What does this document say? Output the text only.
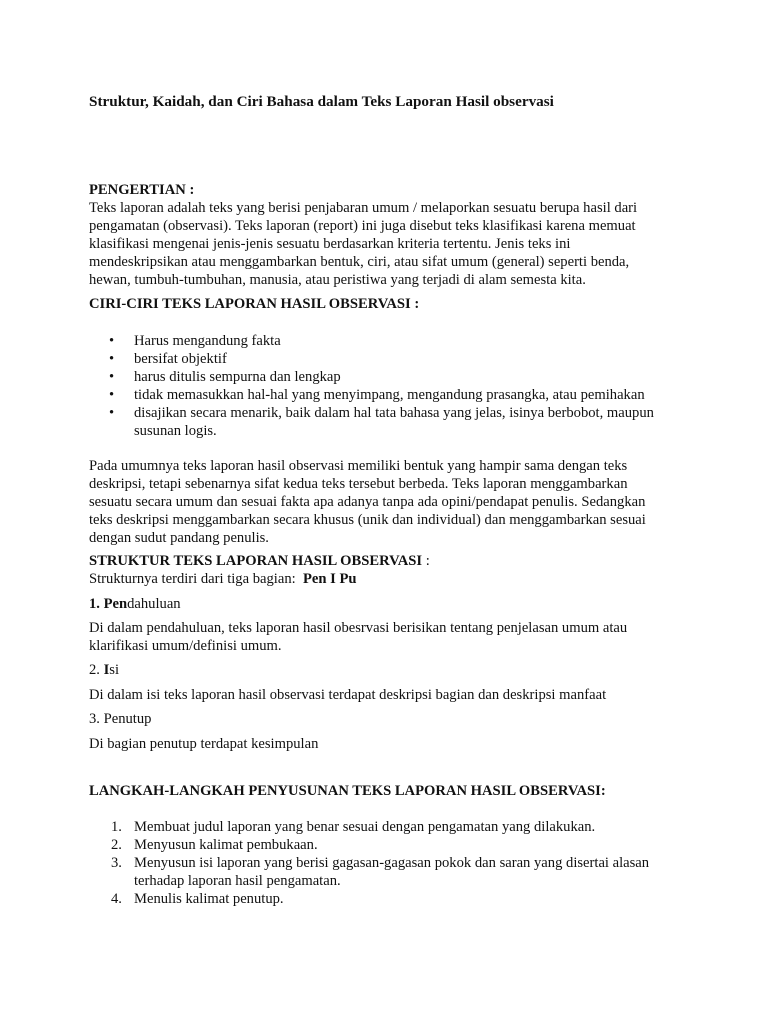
Struktur, Kaidah, dan Ciri Bahasa dalam Teks Laporan Hasil observasi

PENGERTIAN :

Teks laporan adalah teks yang berisi penjabaran umum / melaporkan sesuatu berupa hasil dari
pengamatan (observasi). Teks laporan (report) ini juga disebut teks klasifikasi karena memuat
klasifikasi mengenai jenis-jenis sesuatu berdasarkan kriteria tertentu. Jenis teks ini
mendeskripsikan atau menggambarkan bentuk, ciri, atau sifat umum (general) seperti benda,
hewan, tumbuh-tumbuhan, manusia, atau peristiwa yang terjadi di alam semesta kita.

CIRI-CIRI TEKS LAPORAN HASIL OBSERVASI :

• Harus mengandung fakta
• bersifat objektif
• harus ditulis sempurna dan lengkap
• tidak memasukkan hal-hal yang menyimpang, mengandung prasangka, atau pemihakan
• disajikan secara menarik, baik dalam hal tata bahasa yang jelas, isinya berbobot, maupun
susunan logis.
Pada umumnya teks laporan hasil observasi memiliki bentuk yang hampir sama dengan teks
deskripsi, tetapi sebenarnya sifat kedua teks tersebut berbeda. Teks laporan menggambarkan
sesuatu secara umum dan sesuai fakta apa adanya tanpa ada opini/pendapat penulis. Sedangkan
teks deskripsi menggambarkan secara khusus (unik dan individual) dan menggambarkan sesuai
dengan sudut pandang penulis.

STRUKTUR TEKS LAPORAN HASIL OBSERVASI :

Strukturnya terdiri dari tiga bagian:  Pen I Pu

1. Pendahuluan

Di dalam pendahuluan, teks laporan hasil obesrvasi berisikan tentang penjelasan umum atau
klarifikasi umum/definisi umum.

2. Isi

Di dalam isi teks laporan hasil observasi terdapat deskripsi bagian dan deskripsi manfaat

3. Penutup

Di bagian penutup terdapat kesimpulan

LANGKAH-LANGKAH PENYUSUNAN TEKS LAPORAN HASIL OBSERVASI:

1. Membuat judul laporan yang benar sesuai dengan pengamatan yang dilakukan.
2. Menyusun kalimat pembukaan.
3. Menyusun isi laporan yang berisi gagasan-gagasan pokok dan saran yang disertai alasan
terhadap laporan hasil pengamatan.
4. Menulis kalimat penutup.
